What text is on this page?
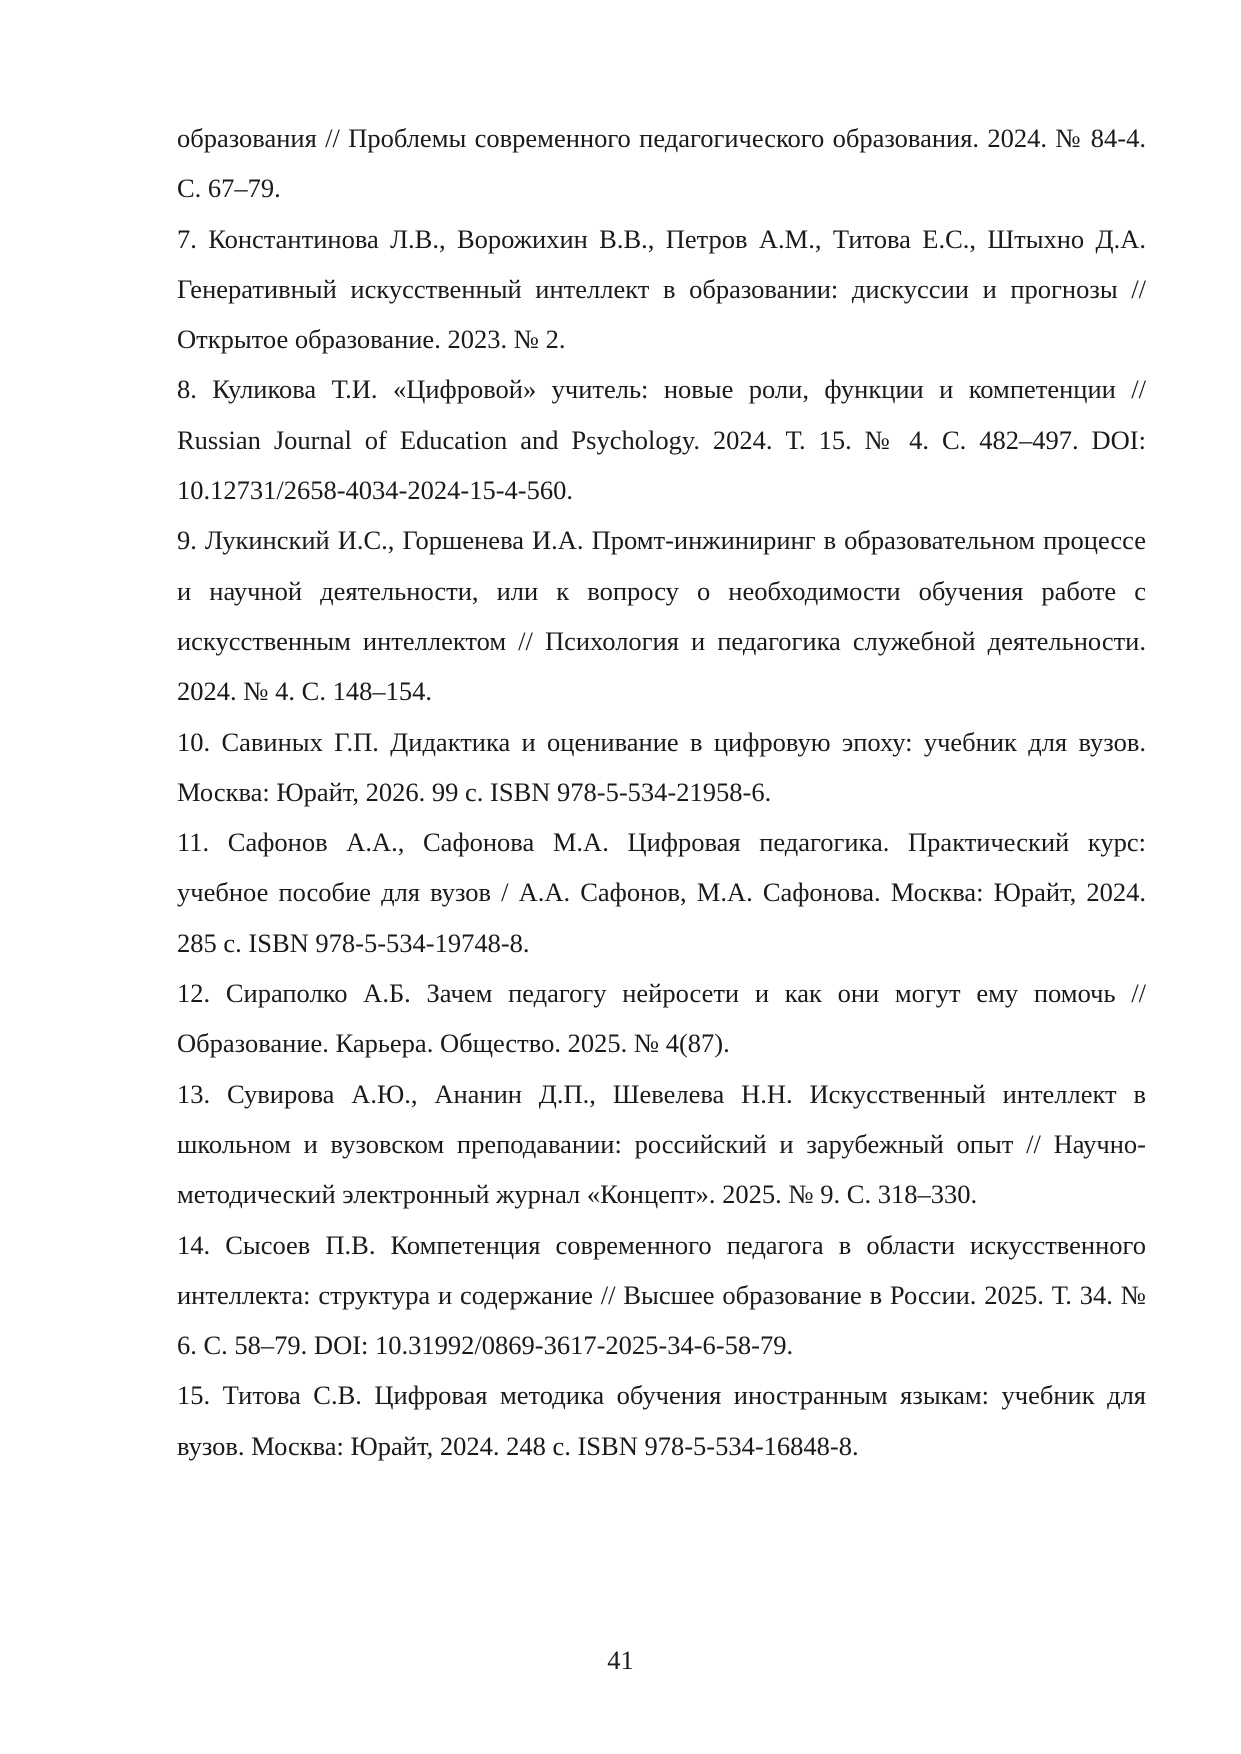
образования // Проблемы современного педагогического образования. 2024. № 84-4. С. 67–79.

7. Константинова Л.В., Ворожихин В.В., Петров А.М., Титова Е.С., Штыхно Д.А. Генеративный искусственный интеллект в образовании: дискуссии и прогнозы // Открытое образование. 2023. № 2.

8. Куликова Т.И. «Цифровой» учитель: новые роли, функции и компетенции // Russian Journal of Education and Psychology. 2024. Т. 15. № 4. С. 482–497. DOI: 10.12731/2658-4034-2024-15-4-560.

9. Лукинский И.С., Горшенева И.А. Промт-инжиниринг в образовательном процессе и научной деятельности, или к вопросу о необходимости обучения работе с искусственным интеллектом // Психология и педагогика служебной деятельности. 2024. № 4. С. 148–154.

10. Савиных Г.П. Дидактика и оценивание в цифровую эпоху: учебник для вузов. Москва: Юрайт, 2026. 99 с. ISBN 978-5-534-21958-6.

11. Сафонов А.А., Сафонова М.А. Цифровая педагогика. Практический курс: учебное пособие для вузов / А.А. Сафонов, М.А. Сафонова. Москва: Юрайт, 2024. 285 с. ISBN 978-5-534-19748-8.

12. Сираполко А.Б. Зачем педагогу нейросети и как они могут ему помочь // Образование. Карьера. Общество. 2025. № 4(87).

13. Сувирова А.Ю., Ананин Д.П., Шевелева Н.Н. Искусственный интеллект в школьном и вузовском преподавании: российский и зарубежный опыт // Научно-методический электронный журнал «Концепт». 2025. № 9. С. 318–330.

14. Сысоев П.В. Компетенция современного педагога в области искусственного интеллекта: структура и содержание // Высшее образование в России. 2025. Т. 34. № 6. С. 58–79. DOI: 10.31992/0869-3617-2025-34-6-58-79.

15. Титова С.В. Цифровая методика обучения иностранным языкам: учебник для вузов. Москва: Юрайт, 2024. 248 с. ISBN 978-5-534-16848-8.

41
